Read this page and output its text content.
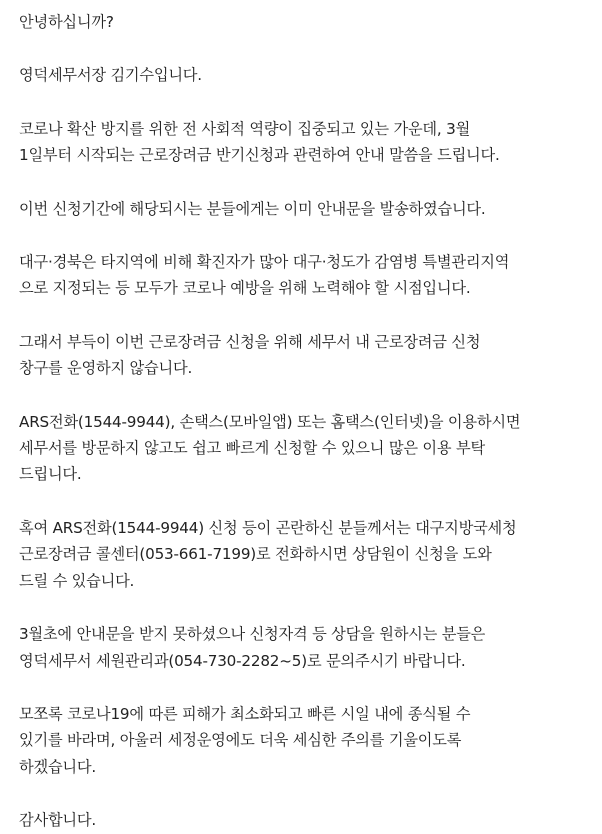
안녕하십니까?
영덕세무서장 김기수입니다.
코로나 확산 방지를 위한 전 사회적 역량이 집중되고 있는 가운데, 3월
1일부터 시작되는 근로장려금 반기신청과 관련하여 안내 말씀을 드립니다.
이번 신청기간에 해당되시는 분들에게는 이미 안내문을 발송하였습니다.
대구·경북은 타지역에 비해 확진자가 많아 대구·청도가 감염병 특별관리지역
으로 지정되는 등 모두가 코로나 예방을 위해 노력해야 할 시점입니다.
그래서 부득이 이번 근로장려금 신청을 위해 세무서 내 근로장려금 신청
창구를 운영하지 않습니다.
ARS전화(1544-9944), 손택스(모바일앱) 또는 홈택스(인터넷)을 이용하시면
세무서를 방문하지 않고도 쉽고 빠르게 신청할 수 있으니 많은 이용 부탁
드립니다.
혹여 ARS전화(1544-9944) 신청 등이 곤란하신 분들께서는 대구지방국세청
근로장려금 콜센터(053-661-7199)로 전화하시면 상담원이 신청을 도와
드릴 수 있습니다.
3월초에 안내문을 받지 못하셨으나 신청자격 등 상담을 원하시는 분들은
영덕세무서 세원관리과(054-730-2282~5)로 문의주시기 바랍니다.
모쪼록 코로나19에 따른 피해가 최소화되고 빠른 시일 내에 종식될 수
있기를 바라며, 아울러 세정운영에도 더욱 세심한 주의를 기울이도록
하겠습니다.
감사합니다.
